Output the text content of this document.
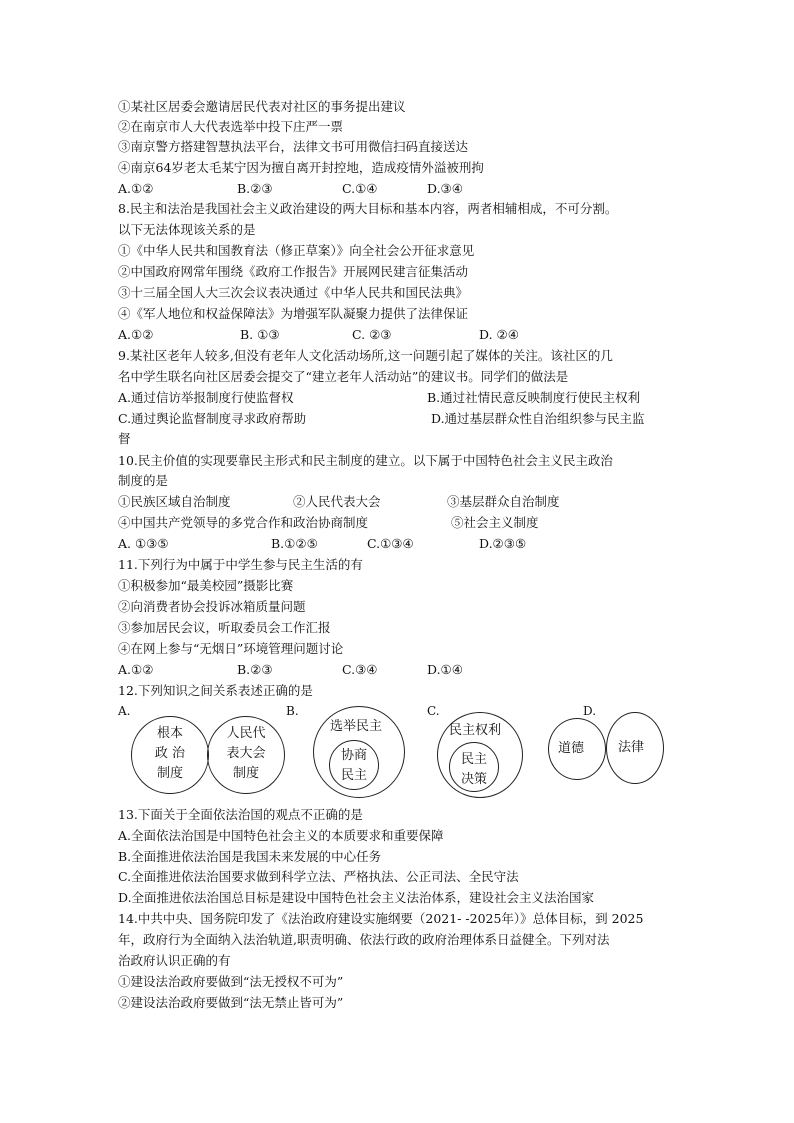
①某社区居委会邀请居民代表对社区的事务提出建议
②在南京市人大代表选举中投下庄严一票
③南京警方搭建智慧执法平台，法律文书可用微信扫码直接送达
④南京64岁老太毛某宁因为擅自离开封控地，造成疫情外溢被刑拘
A.①②	B.②③	C.①④	D.③④
8.民主和法治是我国社会主义政治建设的两大目标和基本内容，两者相辅相成，不可分割。
以下无法体现该关系的是
①《中华人民共和国教育法（修正草案）》向全社会公开征求意见
②中国政府网常年围绕《政府工作报告》开展网民建言征集活动
③十三届全国人大三次会议表决通过《中华人民共和国民法典》
④《军人地位和权益保障法》为增强军队凝聚力提供了法律保证
A.①②	B. ①③	C. ②③	D. ②④
9.某社区老年人较多,但没有老年人文化活动场所,这一问题引起了媒体的关注。该社区的几
名中学生联名向社区居委会提交了“建立老年人活动站”的建议书。同学们的做法是
A.通过信访举报制度行使监督权	B.通过社情民意反映制度行使民主权利
C.通过舆论监督制度寻求政府帮助	D.通过基层群众性自治组织参与民主监
督
10.民主价值的实现要靠民主形式和民主制度的建立。以下属于中国特色社会主义民主政治
制度的是
①民族区域自治制度	②人民代表大会	③基层群众自治制度
④中国共产党领导的多党合作和政治协商制度	⑤社会主义制度
A. ①③⑤	B.①②⑤	C.①③④	D.②③⑤
11.下列行为中属于中学生参与民主生活的有
①积极参加“最美校园”摄影比赛
②向消费者协会投诉冰箱质量问题
③参加居民会议，听取委员会工作汇报
④在网上参与“无烟日”环境管理问题讨论
A.①②	B.②③	C.③④	D.①④
12.下列知识之间关系表述正确的是
A.	B.	C.	D.
根本
政 治
制度
人民代
表大会
制度
选举民主
协商
民主
民主权利
民主
决策
道德	法律
13.下面关于全面依法治国的观点不正确的是
A.全面依法治国是中国特色社会主义的本质要求和重要保障
B.全面推进依法治国是我国未来发展的中心任务
C.全面推进依法治国要求做到科学立法、严格执法、公正司法、全民守法
D.全面推进依法治国总目标是建设中国特色社会主义法治体系，建设社会主义法治国家
14.中共中央、国务院印发了《法治政府建设实施纲要（2021- -2025年）》总体目标，到 2025
年，政府行为全面纳入法治轨道,职责明确、依法行政的政府治理体系日益健全。下列对法
治政府认识正确的有
①建设法治政府要做到“法无授权不可为”
②建设法治政府要做到“法无禁止皆可为”
